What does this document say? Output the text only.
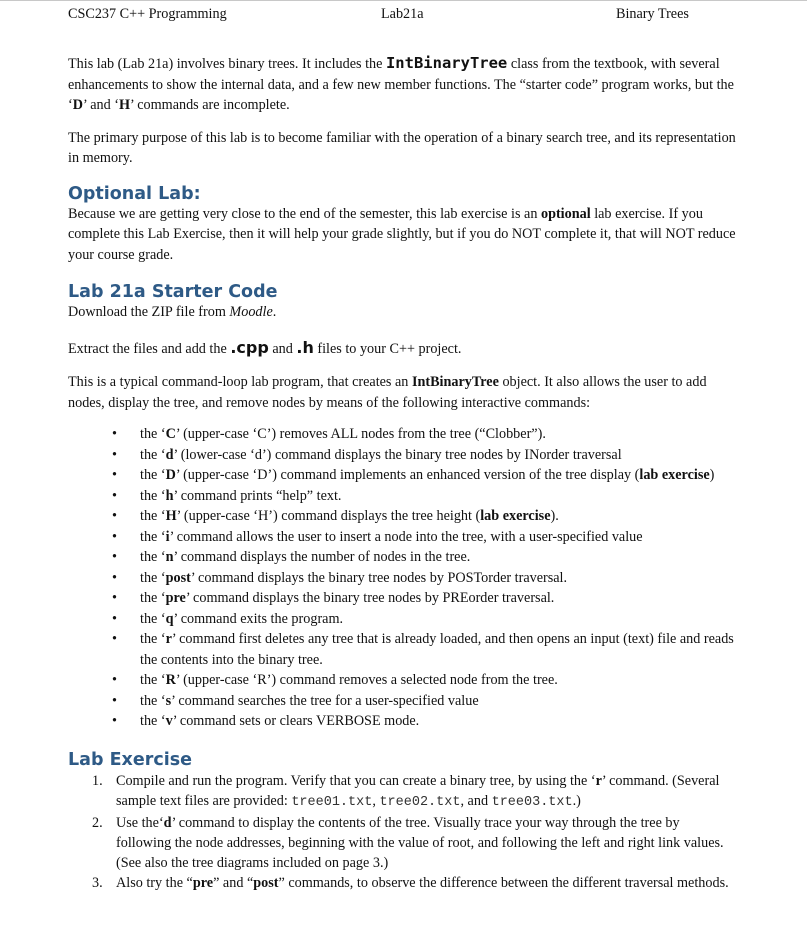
CSC237 C++ Programming	Lab21a	Binary Trees

This lab (Lab 21a) involves binary trees. It includes the IntBinaryTree class from the textbook, with several enhancements to show the internal data, and a few new member functions. The “starter code” program works, but the ‘D’ and ‘H’ commands are incomplete.

The primary purpose of this lab is to become familiar with the operation of a binary search tree, and its representation in memory.

Optional Lab:

Because we are getting very close to the end of the semester, this lab exercise is an optional lab exercise. If you complete this Lab Exercise, then it will help your grade slightly, but if you do NOT complete it, that will NOT reduce your course grade.

Lab 21a Starter Code

Download the ZIP file from Moodle.

Extract the files and add the .cpp and .h files to your C++ project.

This is a typical command-loop lab program, that creates an IntBinaryTree object. It also allows the user to add nodes, display the tree, and remove nodes by means of the following interactive commands:

• the ‘C’ (upper-case ‘C’) removes ALL nodes from the tree (“Clobber”).
• the ‘d’ (lower-case ‘d’) command displays the binary tree nodes by INorder traversal
• the ‘D’ (upper-case ‘D’) command implements an enhanced version of the tree display (lab exercise)
• the ‘h’ command prints “help” text.
• the ‘H’ (upper-case ‘H’) command displays the tree height (lab exercise).
• the ‘i’ command allows the user to insert a node into the tree, with a user-specified value
• the ‘n’ command displays the number of nodes in the tree.
• the ‘post’ command displays the binary tree nodes by POSTorder traversal.
• the ‘pre’ command displays the binary tree nodes by PREorder traversal.
• the ‘q’ command exits the program.
• the ‘r’ command first deletes any tree that is already loaded, and then opens an input (text) file and reads the contents into the binary tree.
• the ‘R’ (upper-case ‘R’) command removes a selected node from the tree.
• the ‘s’ command searches the tree for a user-specified value
• the ‘v’ command sets or clears VERBOSE mode.
Lab Exercise
1. Compile and run the program. Verify that you can create a binary tree, by using the ‘r’ command. (Several sample text files are provided: tree01.txt, tree02.txt, and tree03.txt.)
2. Use the‘d’ command to display the contents of the tree. Visually trace your way through the tree by following the node addresses, beginning with the value of root, and following the left and right link values. (See also the tree diagrams included on page 3.)
3. Also try the “pre” and “post” commands, to observe the difference between the different traversal methods.
